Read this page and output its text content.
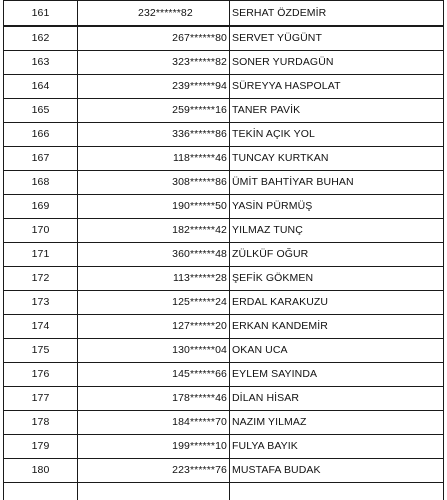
161	232******82	SERHAT ÖZDEMİR
162	267******80	SERVET YÜGÜNT
163	323******82	SONER YURDAGÜN
164	239******94	SÜREYYA HASPOLAT
165	259******16	TANER PAVİK
166	336******86	TEKİN AÇIK YOL
167	118******46	TUNCAY KURTKAN
168	308******86	ÜMİT BAHTİYAR BUHAN
169	190******50	YASİN PÜRMÜŞ
170	182******42	YILMAZ TUNÇ
171	360******48	ZÜLKÜF OĞUR
172	113******28	ŞEFİK GÖKMEN
173	125******24	ERDAL KARAKUZU
174	127******20	ERKAN KANDEMİR
175	130******04	OKAN UCA
176	145******66	EYLEM SAYINDA
177	178******46	DİLAN HİSAR
178	184******70	NAZIM YILMAZ
179	199******10	FULYA BAYIK
180	223******76	MUSTAFA BUDAK
